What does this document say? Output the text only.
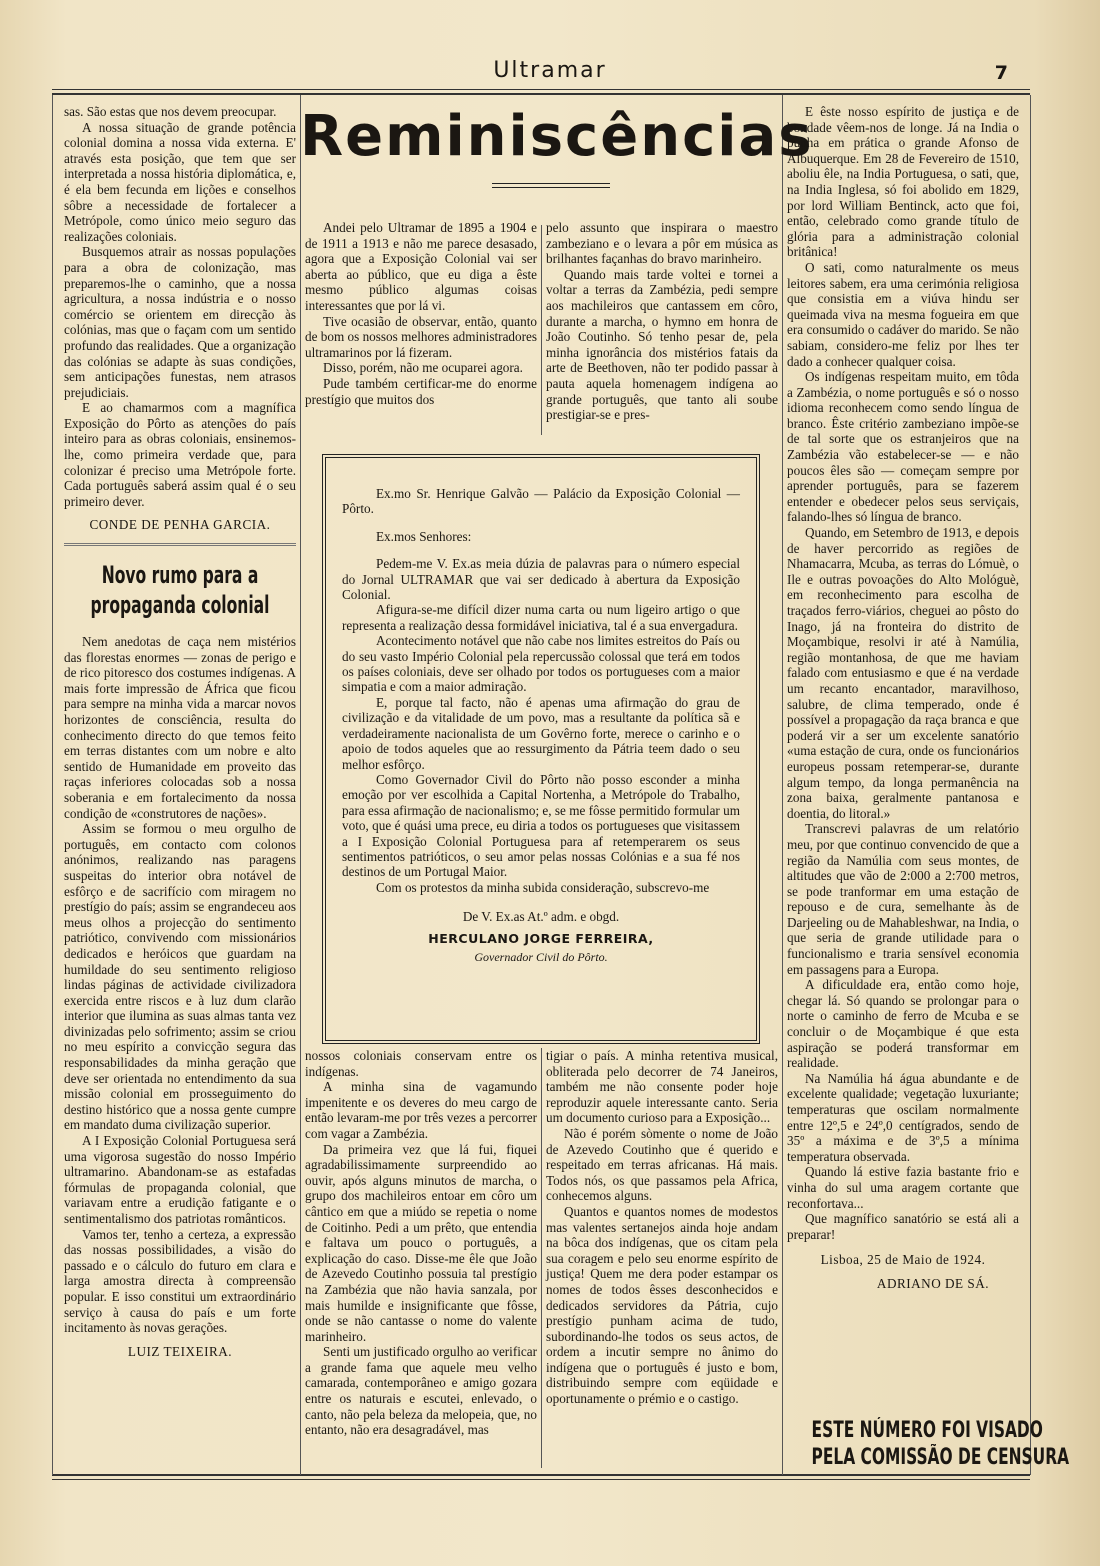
Ultramar	7

sas. São estas que nos devem preocupar.

A nossa situação de grande potência colonial domina a nossa vida externa. E' através esta posição, que tem que ser interpretada a nossa história diplomática, e, é ela bem fecunda em lições e conselhos sôbre a necessidade de fortalecer a Metrópole, como único meio seguro das realizações coloniais.

Busquemos atrair as nossas populações para a obra de colonização, mas preparemos-lhe o caminho, que a nossa agricultura, a nossa indústria e o nosso comércio se orientem em direcção às colónias, mas que o façam com um sentido profundo das realidades. Que a organização das colónias se adapte às suas condições, sem anticipações funestas, nem atrasos prejudiciais.

E ao chamarmos com a magnífica Exposição do Pôrto as atenções do país inteiro para as obras coloniais, ensinemos-lhe, como primeira verdade que, para colonizar é preciso uma Metrópole forte. Cada português saberá assim qual é o seu primeiro dever.

CONDE DE PENHA GARCIA.

Novo rumo para a propaganda colonial

Nem anedotas de caça nem mistérios das florestas enormes — zonas de perigo e de rico pitoresco dos costumes indígenas. A mais forte impressão de África que ficou para sempre na minha vida a marcar novos horizontes de consciência, resulta do conhecimento directo do que temos feito em terras distantes com um nobre e alto sentido de Humanidade em proveito das raças inferiores colocadas sob a nossa soberania e em fortalecimento da nossa condição de «construtores de nações».

Assim se formou o meu orgulho de português, em contacto com colonos anónimos, realizando nas paragens suspeitas do interior obra notável de esfôrço e de sacrifício com miragem no prestígio do país; assim se engrandeceu aos meus olhos a projecção do sentimento patriótico, convivendo com missionários dedicados e heróicos que guardam na humildade do seu sentimento religioso lindas páginas de actividade civilizadora exercida entre riscos e à luz dum clarão interior que ilumina as suas almas tanta vez divinizadas pelo sofrimento; assim se criou no meu espírito a convicção segura das responsabilidades da minha geração que deve ser orientada no entendimento da sua missão colonial em prosseguimento do destino histórico que a nossa gente cumpre em mandato duma civilização superior.

A I Exposição Colonial Portuguesa será uma vigorosa sugestão do nosso Império ultramarino. Abandonam-se as estafadas fórmulas de propaganda colonial, que variavam entre a erudição fatigante e o sentimentalismo dos patriotas românticos.

Vamos ter, tenho a certeza, a expressão das nossas possibilidades, a visão do passado e o cálculo do futuro em clara e larga amostra directa à compreensão popular. E isso constitui um extraordinário serviço à causa do país e um forte incitamento às novas gerações.

LUIZ TEIXEIRA.

Reminiscências

Andei pelo Ultramar de 1895 a 1904 e de 1911 a 1913 e não me parece desasado, agora que a Exposição Colonial vai ser aberta ao público, que eu diga a êste mesmo público algumas coisas interessantes que por lá vi.

Tive ocasião de observar, então, quanto de bom os nossos melhores administradores ultramarinos por lá fizeram.

Disso, porém, não me ocuparei agora.

Pude também certificar-me do enorme prestígio que muitos dos

pelo assunto que inspirara o maestro zambeziano e o levara a pôr em música as brilhantes façanhas do bravo marinheiro.

Quando mais tarde voltei e tornei a voltar a terras da Zambézia, pedi sempre aos machileiros que cantassem em côro, durante a marcha, o hymno em honra de João Coutinho. Só tenho pesar de, pela minha ignorância dos mistérios fatais da arte de Beethoven, não ter podido passar à pauta aquela homenagem indígena ao grande português, que tanto ali soube prestigiar-se e pres-

Ex.mo Sr. Henrique Galvão — Palácio da Exposição Colonial — Pôrto.

Ex.mos Senhores:

Pedem-me V. Ex.as meia dúzia de palavras para o número especial do Jornal ULTRAMAR que vai ser dedicado à abertura da Exposição Colonial.

Afigura-se-me difícil dizer numa carta ou num ligeiro artigo o que representa a realização dessa formidável iniciativa, tal é a sua envergadura.

Acontecimento notável que não cabe nos limites estreitos do País ou do seu vasto Império Colonial pela repercussão colossal que terá em todos os países coloniais, deve ser olhado por todos os portugueses com a maior simpatia e com a maior admiração.

E, porque tal facto, não é apenas uma afirmação do grau de civilização e da vitalidade de um povo, mas a resultante da política sã e verdadeiramente nacionalista de um Govêrno forte, merece o carinho e o apoio de todos aqueles que ao ressurgimento da Pátria teem dado o seu melhor esfôrço.

Como Governador Civil do Pôrto não posso esconder a minha emoção por ver escolhida a Capital Nortenha, a Metrópole do Trabalho, para essa afirmação de nacionalismo; e, se me fôsse permitido formular um voto, que é quási uma prece, eu diria a todos os portugueses que visitassem a I Exposição Colonial Portuguesa para af retemperarem os seus sentimentos patrióticos, o seu amor pelas nossas Colónias e a sua fé nos destinos de um Portugal Maior.

Com os protestos da minha subida consideração, subscrevo-me

De V. Ex.as At.º adm. e obgd.

HERCULANO JORGE FERREIRA,

Governador Civil do Pôrto.

nossos coloniais conservam entre os indígenas.

A minha sina de vagamundo impenitente e os deveres do meu cargo de então levaram-me por três vezes a percorrer com vagar a Zambézia.

Da primeira vez que lá fui, fiquei agradabilissimamente surpreendido ao ouvir, após alguns minutos de marcha, o grupo dos machileiros entoar em côro um cântico em que a miúdo se repetia o nome de Coitinho. Pedi a um prêto, que entendia e faltava um pouco o português, a explicação do caso. Disse-me êle que João de Azevedo Coutinho possuia tal prestígio na Zambézia que não havia sanzala, por mais humilde e insignificante que fôsse, onde se não cantasse o nome do valente marinheiro.

Senti um justificado orgulho ao verificar a grande fama que aquele meu velho camarada, contemporâneo e amigo gozara entre os naturais e escutei, enlevado, o canto, não pela beleza da melopeia, que, no entanto, não era desagradável, mas

tigiar o país. A minha retentiva musical, obliterada pelo decorrer de 74 Janeiros, também me não consente poder hoje reproduzir aquele interessante canto. Seria um documento curioso para a Exposição...

Não é porém sòmente o nome de João de Azevedo Coutinho que é querido e respeitado em terras africanas. Há mais. Todos nós, os que passamos pela Africa, conhecemos alguns.

Quantos e quantos nomes de modestos mas valentes sertanejos ainda hoje andam na bôca dos indígenas, que os citam pela sua coragem e pelo seu enorme espírito de justiça! Quem me dera poder estampar os nomes de todos êsses desconhecidos e dedicados servidores da Pátria, cujo prestígio punham acima de tudo, subordinando-lhe todos os seus actos, de ordem a incutir sempre no ânimo do indígena que o português é justo e bom, distribuindo sempre com eqüidade e oportunamente o prémio e o castigo.

E êste nosso espírito de justiça e de bondade vêem-nos de longe. Já na India o punha em prática o grande Afonso de Albuquerque. Em 28 de Fevereiro de 1510, aboliu êle, na India Portuguesa, o sati, que, na India Inglesa, só foi abolido em 1829, por lord William Bentinck, acto que foi, então, celebrado como grande título de glória para a administração colonial britânica!

O sati, como naturalmente os meus leitores sabem, era uma cerimónia religiosa que consistia em a viúva hindu ser queimada viva na mesma fogueira em que era consumido o cadáver do marido. Se não sabiam, considero-me feliz por lhes ter dado a conhecer qualquer coisa.

Os indígenas respeitam muito, em tôda a Zambézia, o nome português e só o nosso idioma reconhecem como sendo língua de branco. Êste critério zambeziano impõe-se de tal sorte que os estranjeiros que na Zambézia vão estabelecer-se — e não poucos êles são — começam sempre por aprender português, para se fazerem entender e obedecer pelos seus serviçais, falando-lhes só língua de branco.

Quando, em Setembro de 1913, e depois de haver percorrido as regiões de Nhamacarra, Mcuba, as terras do Lómuè, o Ile e outras povoações do Alto Mológuè, em reconhecimento para escolha de traçados ferro-viários, cheguei ao pôsto do Inago, já na fronteira do distrito de Moçambique, resolvi ir até à Namúlia, região montanhosa, de que me haviam falado com entusiasmo e que é na verdade um recanto encantador, maravilhoso, salubre, de clima temperado, onde é possível a propagação da raça branca e que poderá vir a ser um excelente sanatório «uma estação de cura, onde os funcionários europeus possam retemperar-se, durante algum tempo, da longa permanência na zona baixa, geralmente pantanosa e doentia, do litoral.»

Transcrevi palavras de um relatório meu, por que continuo convencido de que a região da Namúlia com seus montes, de altitudes que vão de 2:000 a 2:700 metros, se pode tranformar em uma estação de repouso e de cura, semelhante às de Darjeeling ou de Mahableshwar, na India, o que seria de grande utilidade para o funcionalismo e traria sensível economia em passagens para a Europa.

A dificuldade era, então como hoje, chegar lá. Só quando se prolongar para o norte o caminho de ferro de Mcuba e se concluir o de Moçambique é que esta aspiração se poderá transformar em realidade.

Na Namúlia há água abundante e de excelente qualidade; vegetação luxuriante; temperaturas que oscilam normalmente entre 12º,5 e 24º,0 centígrados, sendo de 35º a máxima e de 3º,5 a mínima temperatura observada.

Quando lá estive fazia bastante frio e vinha do sul uma aragem cortante que reconfortava...

Que magnífico sanatório se está ali a preparar!

Lisboa, 25 de Maio de 1924.

ADRIANO DE SÁ.

ESTE NÚMERO FOI VISADO
PELA COMISSÃO DE CENSURA
